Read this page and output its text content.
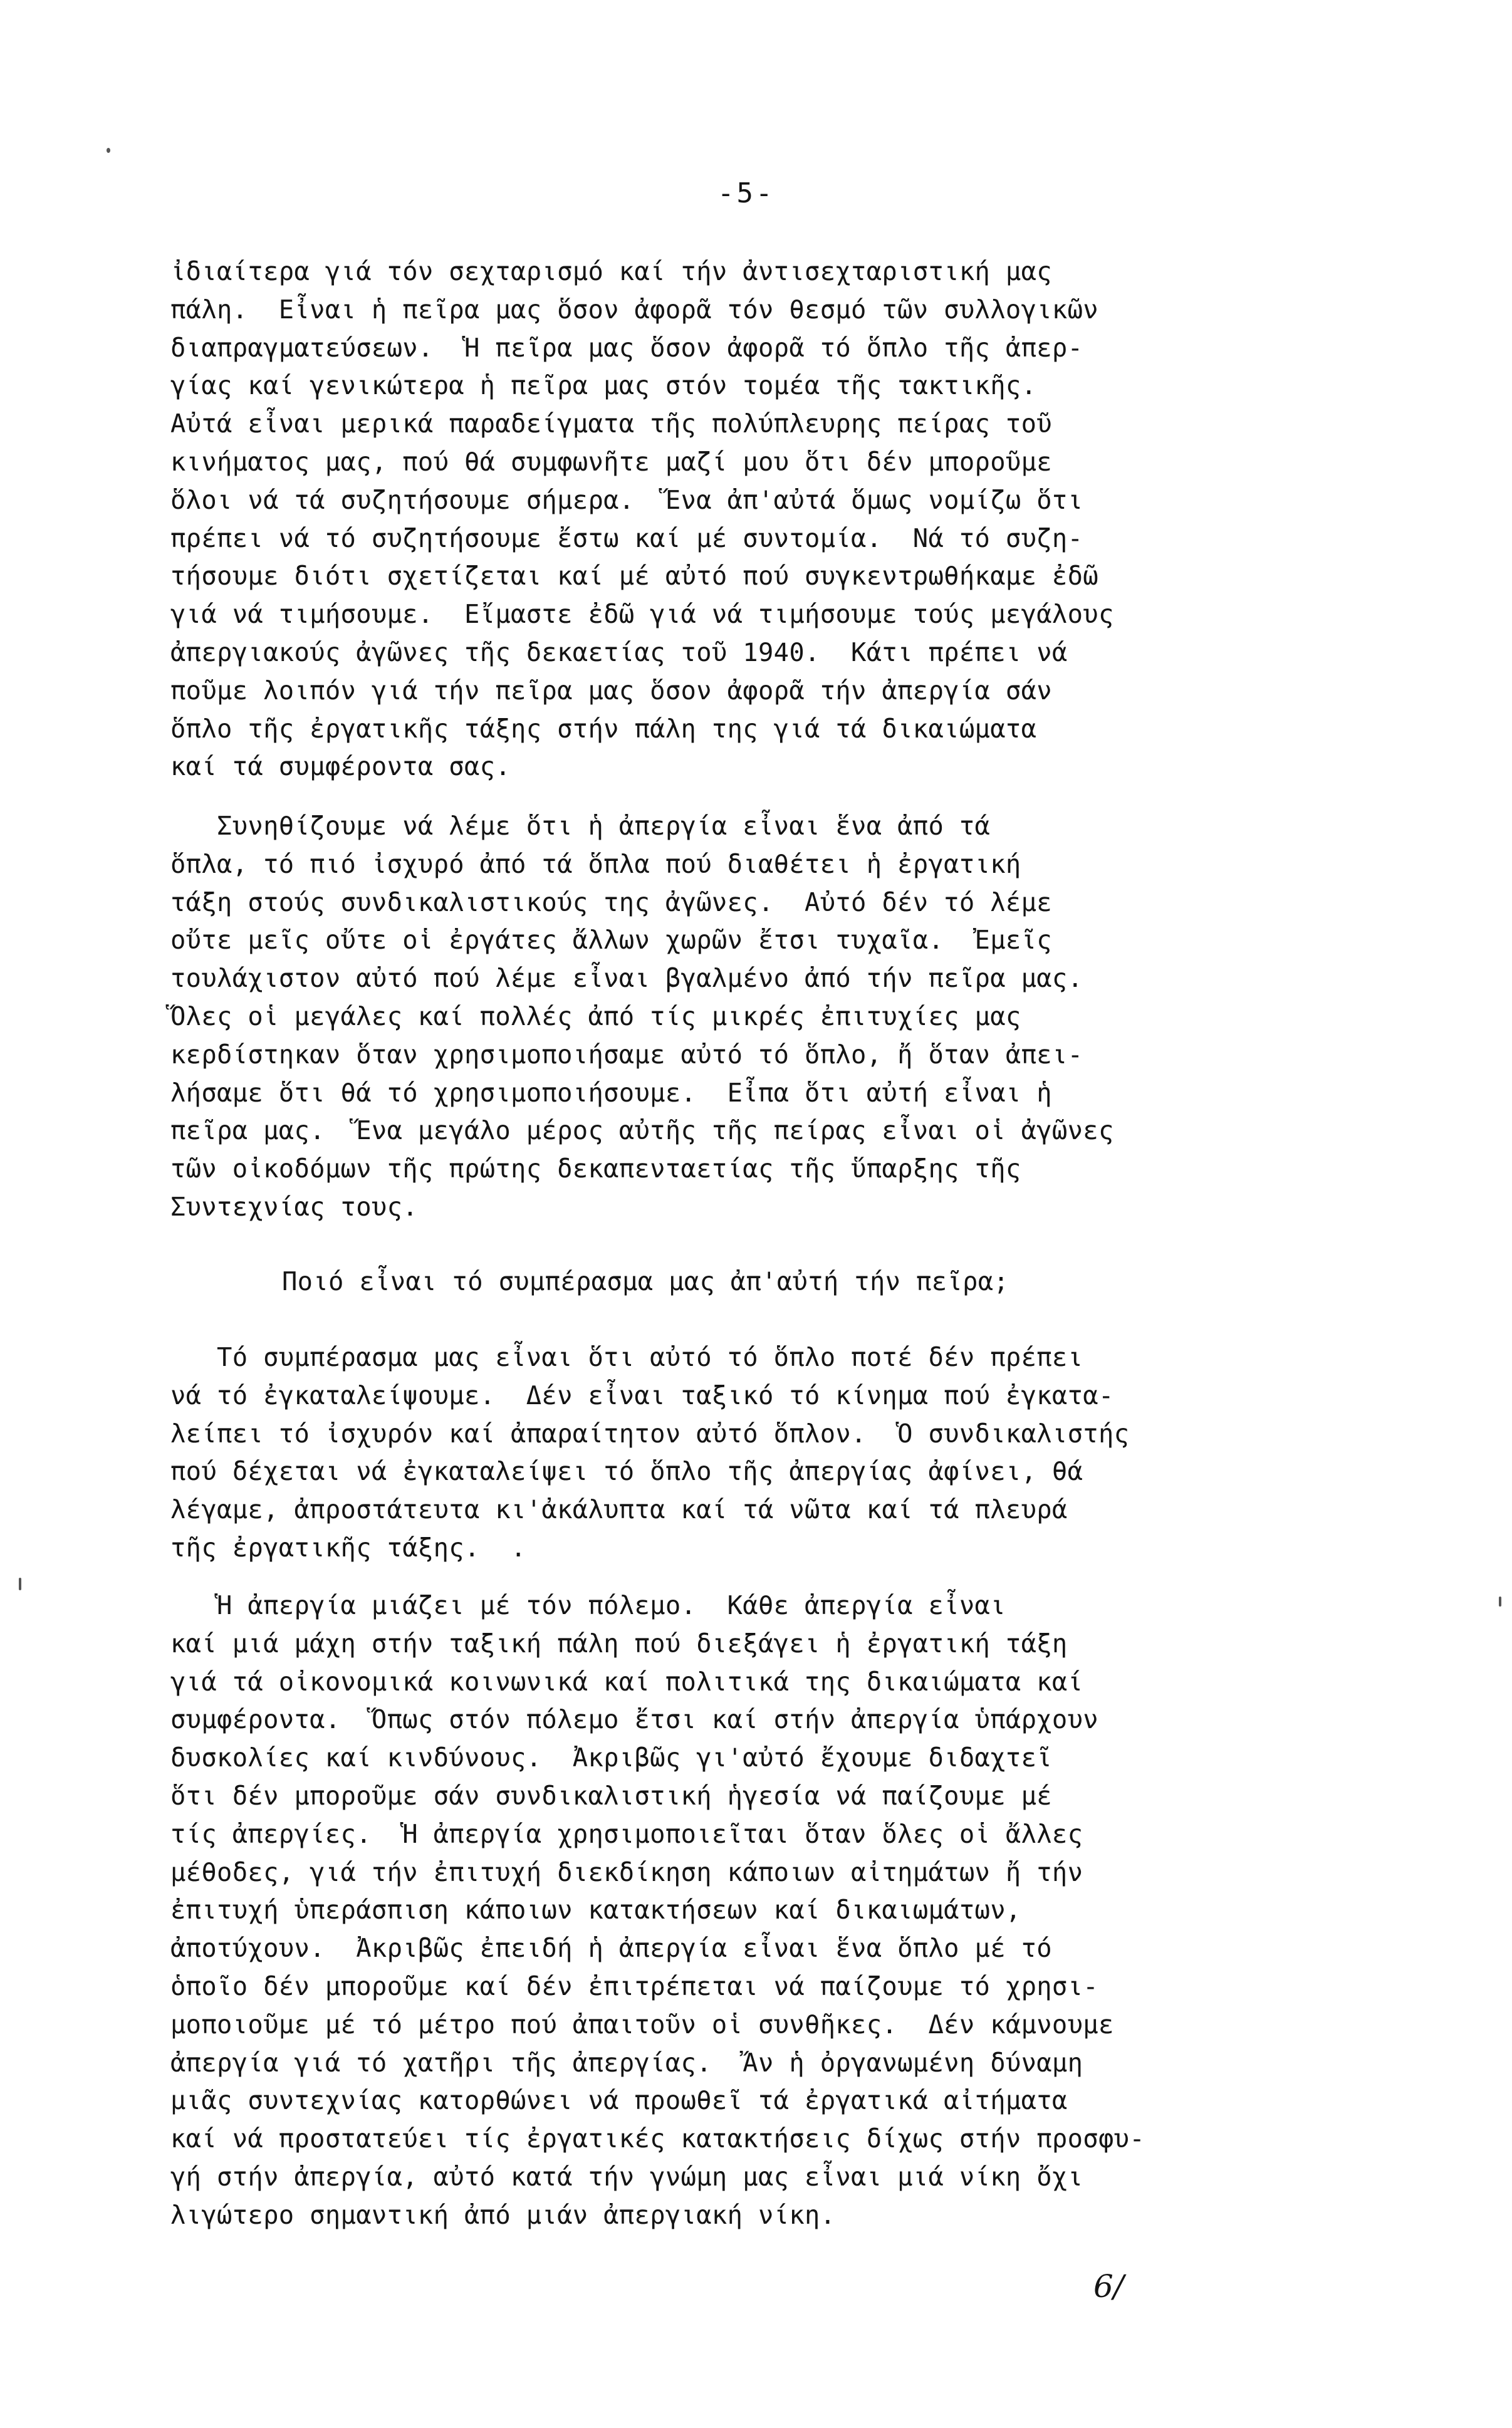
-5-
ἰδιαίτερα γιά τόν σεχταρισμό καί τήν ἀντισεχταριστική μας
πάλη.  Εἶναι ἡ πεῖρα μας ὅσον ἀφορᾶ τόν θεσμό τῶν συλλογικῶν
διαπραγματεύσεων.  Ἡ πεῖρα μας ὅσον ἀφορᾶ τό ὅπλο τῆς ἀπερ-
γίας καί γενικώτερα ἡ πεῖρα μας στόν τομέα τῆς τακτικῆς.
Αὐτά εἶναι μερικά παραδείγματα τῆς πολύπλευρης πείρας τοῦ
κινήματος μας, πού θά συμφωνῆτε μαζί μου ὅτι δέν μποροῦμε
ὅλοι νά τά συζητήσουμε σήμερα.  Ἕνα ἀπ'αὐτά ὅμως νομίζω ὅτι
πρέπει νά τό συζητήσουμε ἔστω καί μέ συντομία.  Νά τό συζη-
τήσουμε διότι σχετίζεται καί μέ αὐτό πού συγκεντρωθήκαμε ἐδῶ
γιά νά τιμήσουμε.  Εἴμαστε ἐδῶ γιά νά τιμήσουμε τούς μεγάλους
ἀπεργιακούς ἀγῶνες τῆς δεκαετίας τοῦ 1940.  Κάτι πρέπει νά
ποῦμε λοιπόν γιά τήν πεῖρα μας ὅσον ἀφορᾶ τήν ἀπεργία σάν
ὅπλο τῆς ἐργατικῆς τάξης στήν πάλη της γιά τά δικαιώματα
καί τά συμφέροντα σας.
Συνηθίζουμε νά λέμε ὅτι ἡ ἀπεργία εἶναι ἕνα ἀπό τά
ὅπλα, τό πιό ἰσχυρό ἀπό τά ὅπλα πού διαθέτει ἡ ἐργατική
τάξη στούς συνδικαλιστικούς της ἀγῶνες.  Αὐτό δέν τό λέμε
οὔτε μεῖς οὔτε οἱ ἐργάτες ἄλλων χωρῶν ἔτσι τυχαῖα.  Ἐμεῖς
τουλάχιστον αὐτό πού λέμε εἶναι βγαλμένο ἀπό τήν πεῖρα μας.
Ὅλες οἱ μεγάλες καί πολλές ἀπό τίς μικρές ἐπιτυχίες μας
κερδίστηκαν ὅταν χρησιμοποιήσαμε αὐτό τό ὅπλο, ἤ ὅταν ἀπει-
λήσαμε ὅτι θά τό χρησιμοποιήσουμε.  Εἶπα ὅτι αὐτή εἶναι ἡ
πεῖρα μας.  Ἕνα μεγάλο μέρος αὐτῆς τῆς πείρας εἶναι οἱ ἀγῶνες
τῶν οἰκοδόμων τῆς πρώτης δεκαπενταετίας τῆς ὕπαρξης τῆς
Συντεχνίας τους.
Ποιό εἶναι τό συμπέρασμα μας ἀπ'αὐτή τήν πεῖρα;
Τό συμπέρασμα μας εἶναι ὅτι αὐτό τό ὅπλο ποτέ δέν πρέπει
νά τό ἐγκαταλείψουμε.  Δέν εἶναι ταξικό τό κίνημα πού ἐγκατα-
λείπει τό ἰσχυρόν καί ἀπαραίτητον αὐτό ὅπλον.  Ὁ συνδικαλιστής
πού δέχεται νά ἐγκαταλείψει τό ὅπλο τῆς ἀπεργίας ἀφίνει, θά
λέγαμε, ἀπροστάτευτα κι'ἀκάλυπτα καί τά νῶτα καί τά πλευρά
τῆς ἐργατικῆς τάξης.  .
Ἡ ἀπεργία μιάζει μέ τόν πόλεμο.  Κάθε ἀπεργία εἶναι
καί μιά μάχη στήν ταξική πάλη πού διεξάγει ἡ ἐργατική τάξη
γιά τά οἰκονομικά κοινωνικά καί πολιτικά της δικαιώματα καί
συμφέροντα.  Ὅπως στόν πόλεμο ἔτσι καί στήν ἀπεργία ὑπάρχουν
δυσκολίες καί κινδύνους.  Ἀκριβῶς γι'αὐτό ἔχουμε διδαχτεῖ
ὅτι δέν μποροῦμε σάν συνδικαλιστική ἡγεσία νά παίζουμε μέ
τίς ἀπεργίες.  Ἡ ἀπεργία χρησιμοποιεῖται ὅταν ὅλες οἱ ἄλλες
μέθοδες, γιά τήν ἐπιτυχή διεκδίκηση κάποιων αἰτημάτων ἤ τήν
ἐπιτυχή ὑπεράσπιση κάποιων κατακτήσεων καί δικαιωμάτων,
ἀποτύχουν.  Ἀκριβῶς ἐπειδή ἡ ἀπεργία εἶναι ἕνα ὅπλο μέ τό
ὁποῖο δέν μποροῦμε καί δέν ἐπιτρέπεται νά παίζουμε τό χρησι-
μοποιοῦμε μέ τό μέτρο πού ἀπαιτοῦν οἱ συνθῆκες.  Δέν κάμνουμε
ἀπεργία γιά τό χατῆρι τῆς ἀπεργίας.  Ἄν ἡ ὀργανωμένη δύναμη
μιᾶς συντεχνίας κατορθώνει νά προωθεῖ τά ἐργατικά αἰτήματα
καί νά προστατεύει τίς ἐργατικές κατακτήσεις δίχως στήν προσφυ-
γή στήν ἀπεργία, αὐτό κατά τήν γνώμη μας εἶναι μιά νίκη ὄχι
λιγώτερο σημαντική ἀπό μιάν ἀπεργιακή νίκη.
6/
